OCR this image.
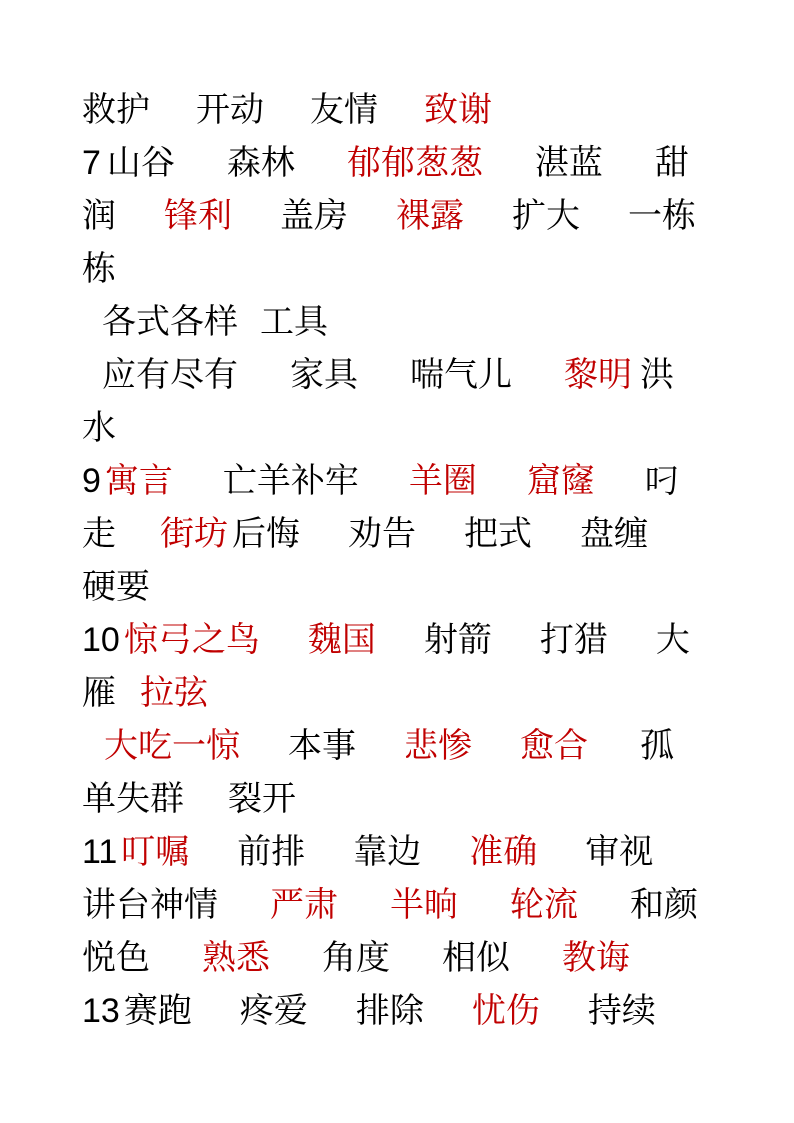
救护 开动 友情 致谢
7 山谷 森林 郁郁葱葱 湛蓝 甜
润 锋利 盖房 裸露 扩大 一栋
栋
各式各样 工具
应有尽有 家具 喘气儿 黎明 洪
水
9 寓言 亡羊补牢 羊圈 窟窿 叼
走 街坊 后悔 劝告 把式 盘缠
硬要
10 惊弓之鸟 魏国 射箭 打猎 大
雁 拉弦
大吃一惊 本事 悲惨 愈合 孤
单失群 裂开
11 叮嘱 前排 靠边 准确 审视
讲台神情 严肃 半晌 轮流 和颜
悦色 熟悉 角度 相似 教诲
13 赛跑 疼爱 排除 忧伤 持续
